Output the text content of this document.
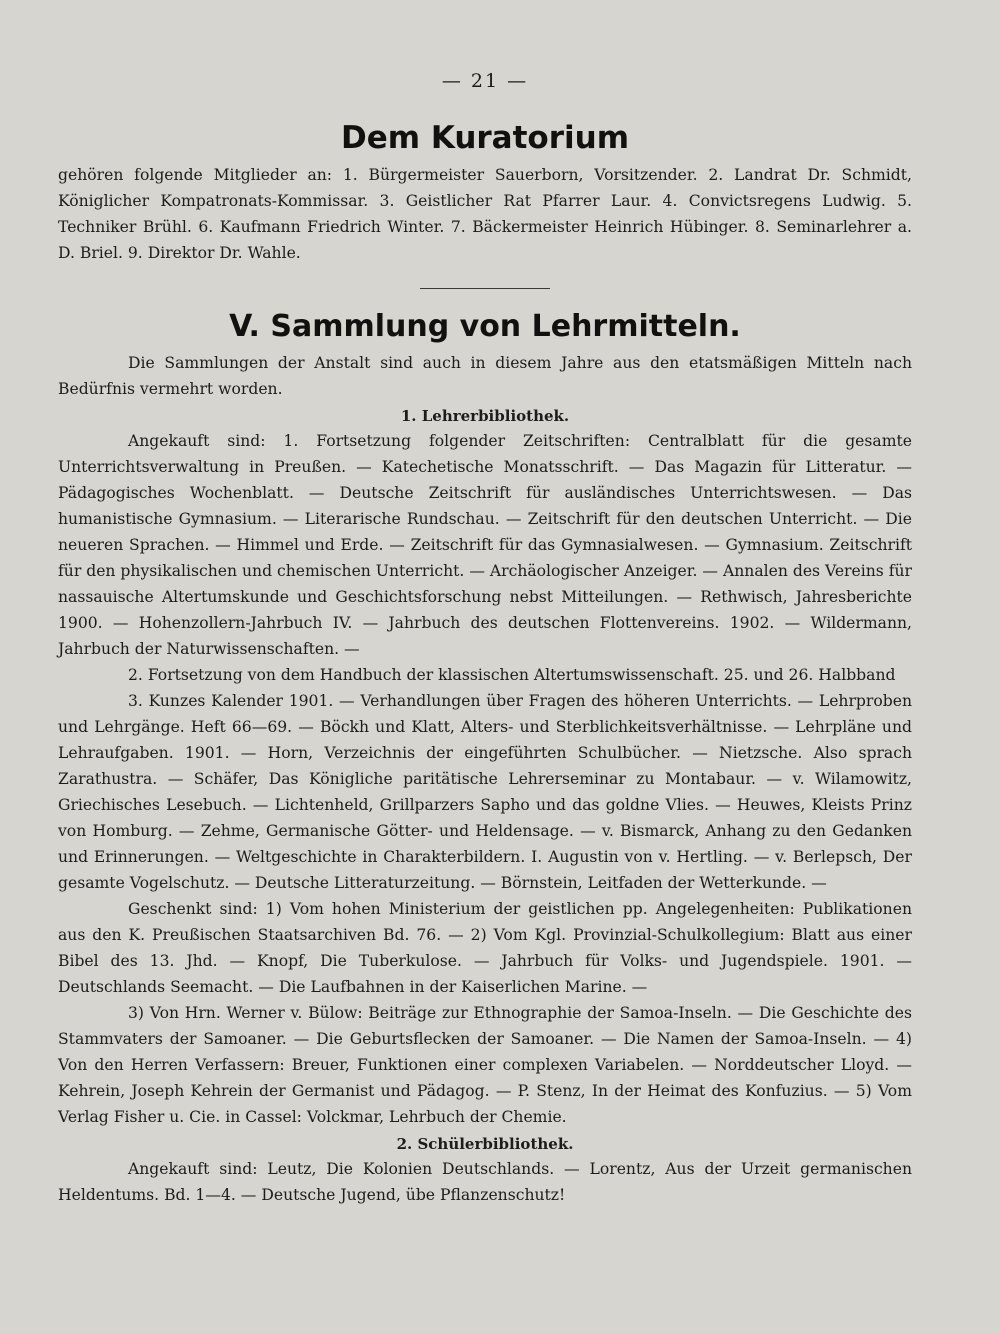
— 21 —
Dem Kuratorium

gehören folgende Mitglieder an: 1. Bürgermeister Sauerborn, Vorsitzender. 2. Landrat Dr. Schmidt, Königlicher Kompatronats-Kommissar. 3. Geistlicher Rat Pfarrer Laur. 4. Convictsregens Ludwig. 5. Techniker Brühl. 6. Kaufmann Friedrich Winter. 7. Bäckermeister Heinrich Hübinger. 8. Seminarlehrer a. D. Briel. 9. Direktor Dr. Wahle.

V. Sammlung von Lehrmitteln.

Die Sammlungen der Anstalt sind auch in diesem Jahre aus den etatsmäßigen Mitteln nach Bedürfnis vermehrt worden.

1. Lehrerbibliothek.

Angekauft sind: 1. Fortsetzung folgender Zeitschriften: Centralblatt für die gesamte Unterrichtsverwaltung in Preußen. — Katechetische Monatsschrift. — Das Magazin für Litteratur. — Pädagogisches Wochenblatt. — Deutsche Zeitschrift für ausländisches Unterrichtswesen. — Das humanistische Gymnasium. — Literarische Rundschau. — Zeitschrift für den deutschen Unterricht. — Die neueren Sprachen. — Himmel und Erde. — Zeitschrift für das Gymnasialwesen. — Gymnasium. Zeitschrift für den physikalischen und chemischen Unterricht. — Archäologischer Anzeiger. — Annalen des Vereins für nassauische Altertumskunde und Geschichtsforschung nebst Mitteilungen. — Rethwisch, Jahresberichte 1900. — Hohenzollern-Jahrbuch IV. — Jahrbuch des deutschen Flottenvereins. 1902. — Wildermann, Jahrbuch der Naturwissenschaften. —

2. Fortsetzung von dem Handbuch der klassischen Altertumswissenschaft. 25. und 26. Halbband

3. Kunzes Kalender 1901. — Verhandlungen über Fragen des höheren Unterrichts. — Lehrproben und Lehrgänge. Heft 66—69. — Böckh und Klatt, Alters- und Sterblichkeitsverhältnisse. — Lehrpläne und Lehraufgaben. 1901. — Horn, Verzeichnis der eingeführten Schulbücher. — Nietzsche. Also sprach Zarathustra. — Schäfer, Das Königliche paritätische Lehrerseminar zu Montabaur. — v. Wilamowitz, Griechisches Lesebuch. — Lichtenheld, Grillparzers Sapho und das goldne Vlies. — Heuwes, Kleists Prinz von Homburg. — Zehme, Germanische Götter- und Heldensage. — v. Bismarck, Anhang zu den Gedanken und Erinnerungen. — Weltgeschichte in Charakterbildern. I. Augustin von v. Hertling. — v. Berlepsch, Der gesamte Vogelschutz. — Deutsche Litteraturzeitung. — Börnstein, Leitfaden der Wetterkunde. —

Geschenkt sind: 1) Vom hohen Ministerium der geistlichen pp. Angelegenheiten: Publikationen aus den K. Preußischen Staatsarchiven Bd. 76. — 2) Vom Kgl. Provinzial-Schulkollegium: Blatt aus einer Bibel des 13. Jhd. — Knopf, Die Tuberkulose. — Jahrbuch für Volks- und Jugendspiele. 1901. — Deutschlands Seemacht. — Die Laufbahnen in der Kaiserlichen Marine. —

3) Von Hrn. Werner v. Bülow: Beiträge zur Ethnographie der Samoa-Inseln. — Die Geschichte des Stammvaters der Samoaner. — Die Geburtsflecken der Samoaner. — Die Namen der Samoa-Inseln. — 4) Von den Herren Verfassern: Breuer, Funktionen einer complexen Variabelen. — Norddeutscher Lloyd. — Kehrein, Joseph Kehrein der Germanist und Pädagog. — P. Stenz, In der Heimat des Konfuzius. — 5) Vom Verlag Fisher u. Cie. in Cassel: Volckmar, Lehrbuch der Chemie.

2. Schülerbibliothek.

Angekauft sind: Leutz, Die Kolonien Deutschlands. — Lorentz, Aus der Urzeit germanischen Heldentums. Bd. 1—4. — Deutsche Jugend, übe Pflanzenschutz!
